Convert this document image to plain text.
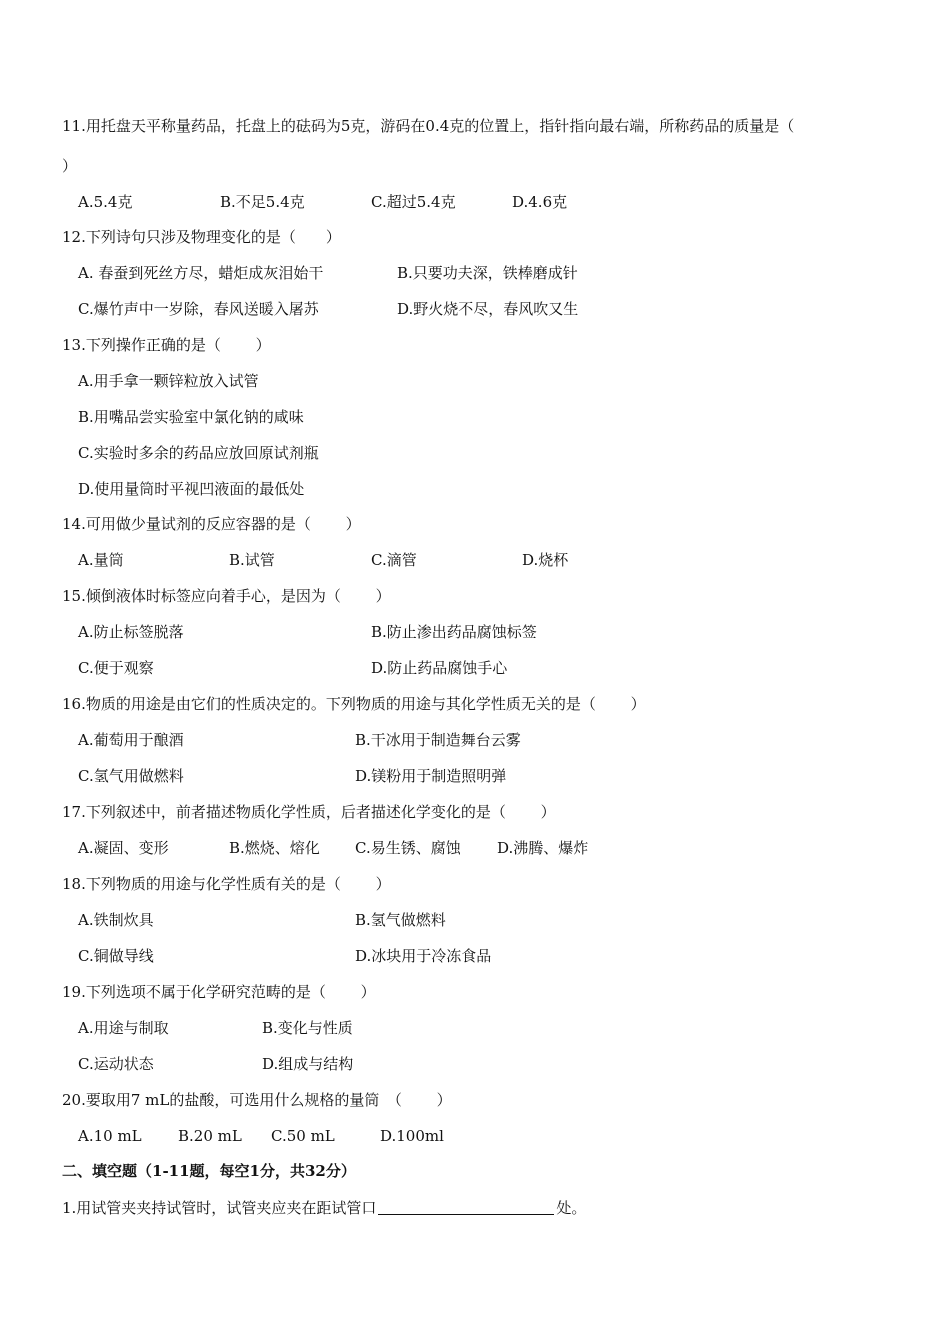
11.用托盘天平称量药品，托盘上的砝码为5克，游码在0.4克的位置上，指针指向最右端，所称药品的质量是（
）
A.5.4克	B.不足5.4克	C.超过5.4克	D.4.6克
12.下列诗句只涉及物理变化的是（　　）
A. 春蚕到死丝方尽，蜡炬成灰泪始干	B.只要功夫深，铁棒磨成针
C.爆竹声中一岁除，春风送暖入屠苏	D.野火烧不尽，春风吹又生
13.下列操作正确的是（　　 ）
A.用手拿一颗锌粒放入试管
B.用嘴品尝实验室中氯化钠的咸味
C.实验时多余的药品应放回原试剂瓶
D.使用量筒时平视凹液面的最低处
14.可用做少量试剂的反应容器的是（　　 ）
A.量筒	B.试管	C.滴管	D.烧杯
15.倾倒液体时标签应向着手心，是因为（　　 ）
A.防止标签脱落	B.防止渗出药品腐蚀标签
C.便于观察	D.防止药品腐蚀手心
16.物质的用途是由它们的性质决定的。下列物质的用途与其化学性质无关的是（　　 ）
A.葡萄用于酿酒	B.干冰用于制造舞台云雾
C.氢气用做燃料	D.镁粉用于制造照明弹
17.下列叙述中，前者描述物质化学性质，后者描述化学变化的是（　　 ）
A.凝固、变形	B.燃烧、熔化 C.易生锈、腐蚀 D.沸腾、爆炸
18.下列物质的用途与化学性质有关的是（　　 ）
A.铁制炊具	B.氢气做燃料
C.铜做导线	D.冰块用于冷冻食品
19.下列选项不属于化学研究范畴的是（　　 ）
A.用途与制取	B.变化与性质
C.运动状态	D.组成与结构
20.要取用7 mL的盐酸，可选用什么规格的量筒　（　　 ）
A.10 mL B.20 mL C.50 mL	D.100ml
二、填空题（1-11题，每空1分，共32分）
1.用试管夹夹持试管时，试管夹应夹在距试管口	处。
